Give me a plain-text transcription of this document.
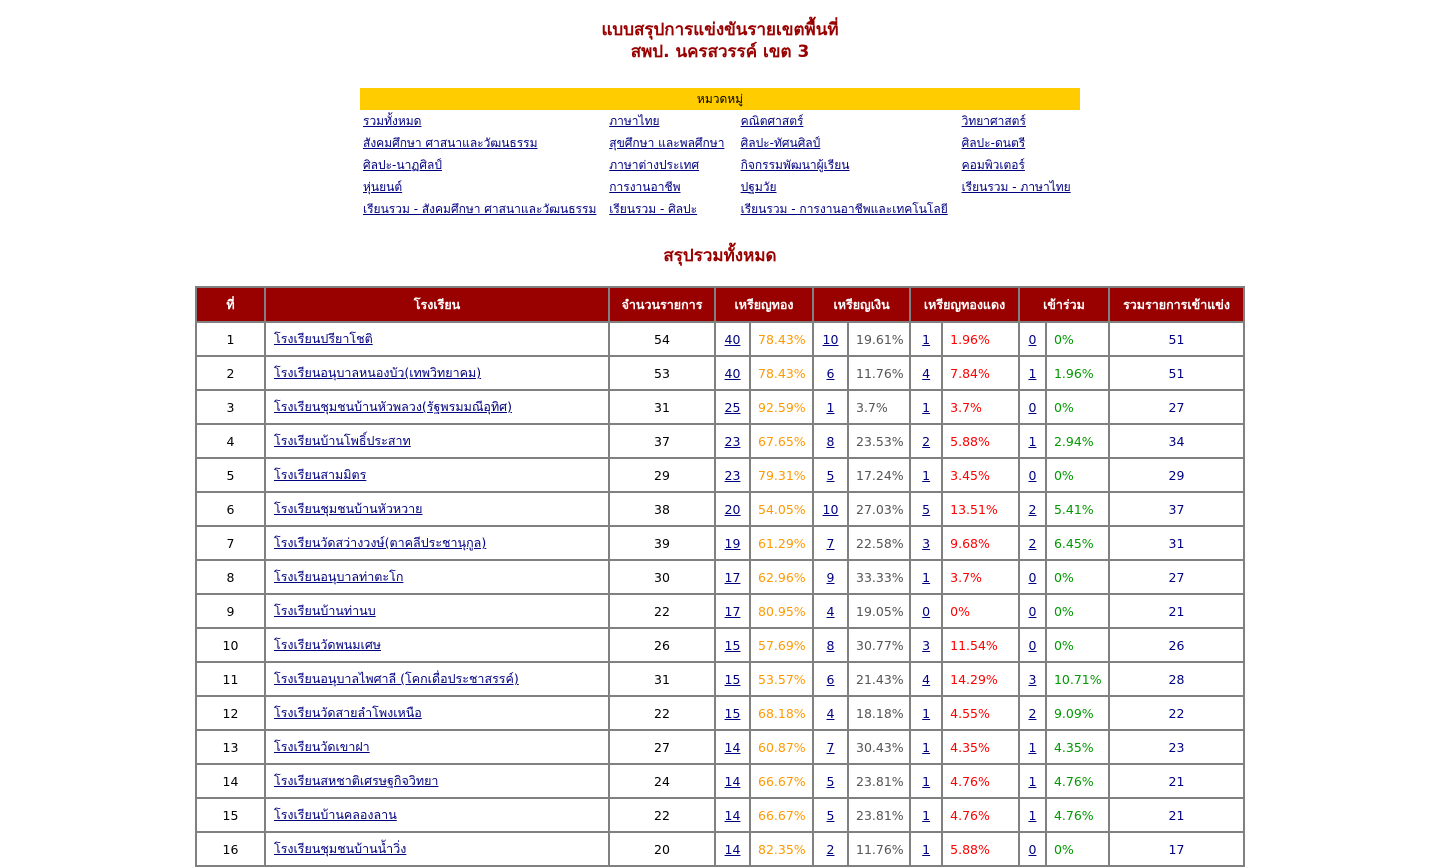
แบบสรุปการแข่งขันรายเขตพื้นที่
สพป. นครสวรรค์ เขต 3
หมวดหมู่			
รวมทั้งหมด	ภาษาไทย	คณิตศาสตร์	วิทยาศาสตร์
สังคมศึกษา ศาสนาและวัฒนธรรม	สุขศึกษา และพลศึกษา	ศิลปะ-ทัศนศิลป์	ศิลปะ-ดนตรี
ศิลปะ-นาฏศิลป์	ภาษาต่างประเทศ	กิจกรรมพัฒนาผู้เรียน	คอมพิวเตอร์
หุ่นยนต์	การงานอาชีพ	ปฐมวัย	เรียนรวม - ภาษาไทย
เรียนรวม - สังคมศึกษา ศาสนาและวัฒนธรรม	เรียนรวม - ศิลปะ	เรียนรวม - การงานอาชีพและเทคโนโลยี	
สรุปรวมทั้งหมด
ที่	โรงเรียน	จำนวนรายการ	เหรียญทอง		เหรียญเงิน		เหรียญทองแดง		เข้าร่วม		รวมรายการเข้าแข่ง
1	โรงเรียนปรียาโชติ	54	40	78.43%	10	19.61%	1	1.96%	0	0%	51
2	โรงเรียนอนุบาลหนองบัว(เทพวิทยาคม)	53	40	78.43%	6	11.76%	4	7.84%	1	1.96%	51
3	โรงเรียนชุมชนบ้านหัวพลวง(รัฐพรมมณีอุทิศ)	31	25	92.59%	1	3.7%	1	3.7%	0	0%	27
4	โรงเรียนบ้านโพธิ์ประสาท	37	23	67.65%	8	23.53%	2	5.88%	1	2.94%	34
5	โรงเรียนสามมิตร	29	23	79.31%	5	17.24%	1	3.45%	0	0%	29
6	โรงเรียนชุมชนบ้านหัวหวาย	38	20	54.05%	10	27.03%	5	13.51%	2	5.41%	37
7	โรงเรียนวัดสว่างวงษ์(ตาคลีประชานุกูล)	39	19	61.29%	7	22.58%	3	9.68%	2	6.45%	31
8	โรงเรียนอนุบาลท่าตะโก	30	17	62.96%	9	33.33%	1	3.7%	0	0%	27
9	โรงเรียนบ้านท่านบ	22	17	80.95%	4	19.05%	0	0%	0	0%	21
10	โรงเรียนวัดพนมเศษ	26	15	57.69%	8	30.77%	3	11.54%	0	0%	26
11	โรงเรียนอนุบาลไพศาลี (โคกเดื่อประชาสรรค์)	31	15	53.57%	6	21.43%	4	14.29%	3	10.71%	28
12	โรงเรียนวัดสายลำโพงเหนือ	22	15	68.18%	4	18.18%	1	4.55%	2	9.09%	22
13	โรงเรียนวัดเขาฝา	27	14	60.87%	7	30.43%	1	4.35%	1	4.35%	23
14	โรงเรียนสหชาติเศรษฐกิจวิทยา	24	14	66.67%	5	23.81%	1	4.76%	1	4.76%	21
15	โรงเรียนบ้านคลองลาน	22	14	66.67%	5	23.81%	1	4.76%	1	4.76%	21
16	โรงเรียนชุมชนบ้านน้ำวิ่ง	20	14	82.35%	2	11.76%	1	5.88%	0	0%	17
